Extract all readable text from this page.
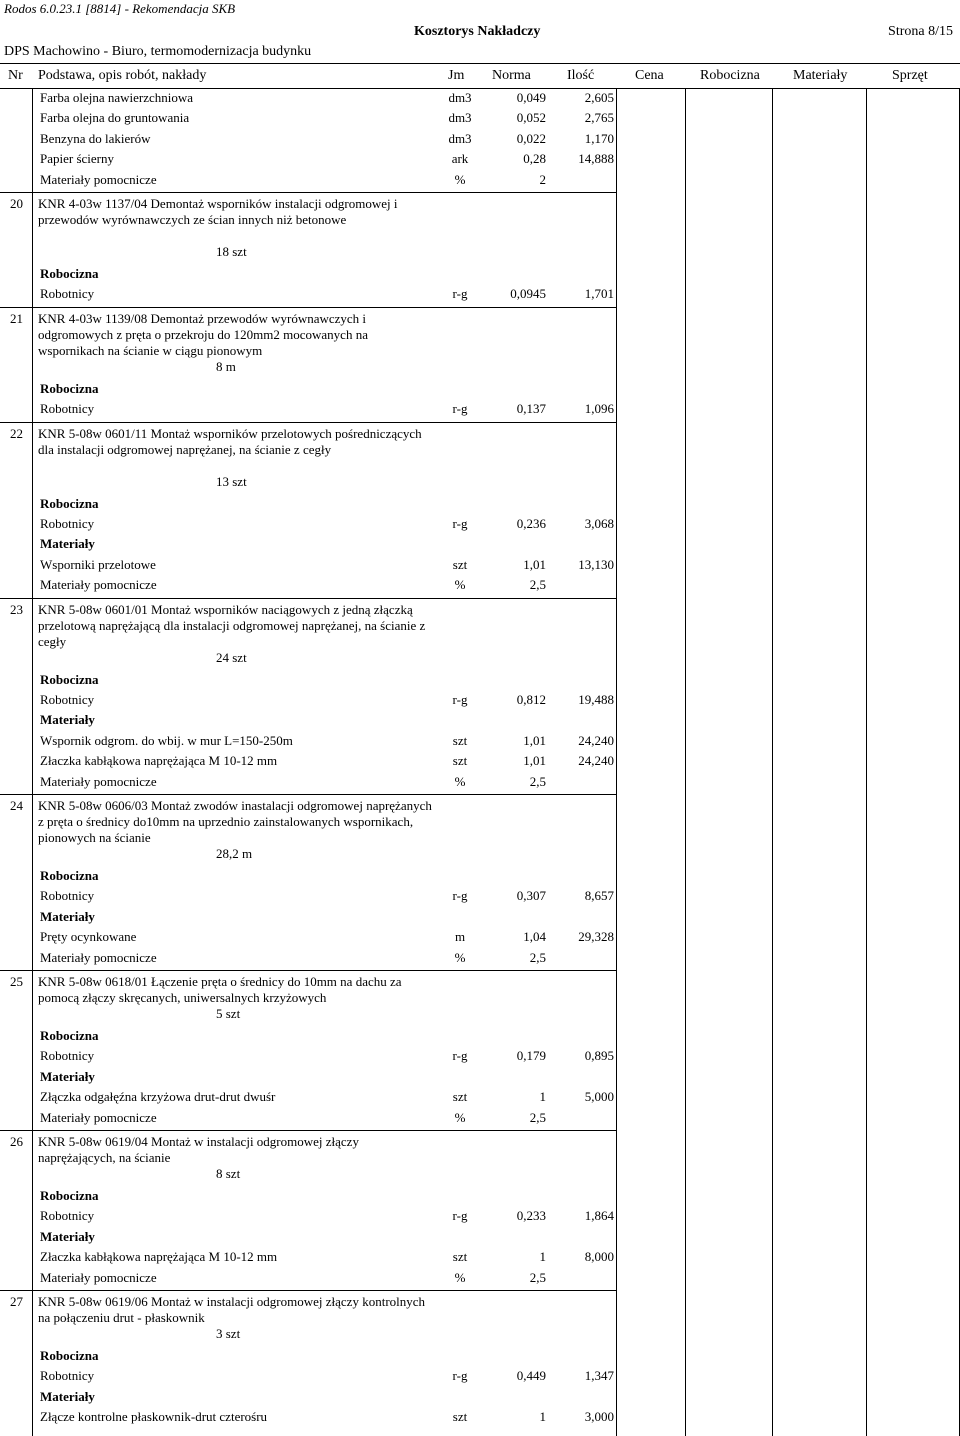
Rodos 6.0.23.1 [8814] - Rekomendacja SKB
Kosztorys Nakładczy	Strona 8/15
DPS Machowino - Biuro, termomodernizacja budynku
Nr Podstawa, opis robót, nakłady	Jm Norma	Ilość	Cena	Robocizna Materiały	Sprzęt
Farba olejna nawierzchniowa	dm3	0,049	2,605
Farba olejna do gruntowania	dm3	0,052	2,765
Benzyna do lakierów	dm3	0,022	1,170
Papier ścierny	ark	0,28	14,888
Materiały pomocnicze	%	2
20 KNR 4-03w 1137/04 Demontaż wsporników instalacji odgromowej i przewodów wyrównawczych ze ścian innych niż betonowe
18 szt
Robocizna
Robotnicy	r-g	0,0945	1,701
21 KNR 4-03w 1139/08 Demontaż przewodów wyrównawczych i odgromowych z pręta o przekroju do 120mm2 mocowanych na wspornikach na ścianie w ciągu pionowym
8 m
Robocizna
Robotnicy	r-g	0,137	1,096
22 KNR 5-08w 0601/11 Montaż wsporników przelotowych pośredniczących dla instalacji odgromowej naprężanej, na ścianie z cegły
13 szt
Robocizna
Robotnicy	r-g	0,236	3,068
Materiały
Wsporniki przelotowe	szt	1,01	13,130
Materiały pomocnicze	%	2,5
23 KNR 5-08w 0601/01 Montaż wsporników naciągowych z jedną złączką przelotową naprężającą dla instalacji odgromowej naprężanej, na ścianie z cegły
24 szt
Robocizna
Robotnicy	r-g	0,812	19,488
Materiały
Wspornik odgrom. do wbij. w mur L=150-250m	szt	1,01	24,240
Złaczka kabłąkowa naprężająca M 10-12 mm	szt	1,01	24,240
Materiały pomocnicze	%	2,5
24 KNR 5-08w 0606/03 Montaż zwodów inastalacji odgromowej naprężanych z pręta o średnicy do10mm na uprzednio zainstalowanych wspornikach, pionowych na ścianie
28,2 m
Robocizna
Robotnicy	r-g	0,307	8,657
Materiały
Pręty ocynkowane	m	1,04	29,328
Materiały pomocnicze	%	2,5
25 KNR 5-08w 0618/01 Łączenie pręta o średnicy do 10mm na dachu za pomocą złączy skręcanych, uniwersalnych krzyżowych
5 szt
Robocizna
Robotnicy	r-g	0,179	0,895
Materiały
Złączka odgałęźna krzyżowa drut-drut dwuśr	szt	1	5,000
Materiały pomocnicze	%	2,5
26 KNR 5-08w 0619/04 Montaż w instalacji odgromowej złączy naprężających, na ścianie
8 szt
Robocizna
Robotnicy	r-g	0,233	1,864
Materiały
Złaczka kabłąkowa naprężająca M 10-12 mm	szt	1	8,000
Materiały pomocnicze	%	2,5
27 KNR 5-08w 0619/06 Montaż w instalacji odgromowej złączy kontrolnych na połączeniu drut - płaskownik
3 szt
Robocizna
Robotnicy	r-g	0,449	1,347
Materiały
Złącze kontrolne płaskownik-drut czterośru	szt	1	3,000
